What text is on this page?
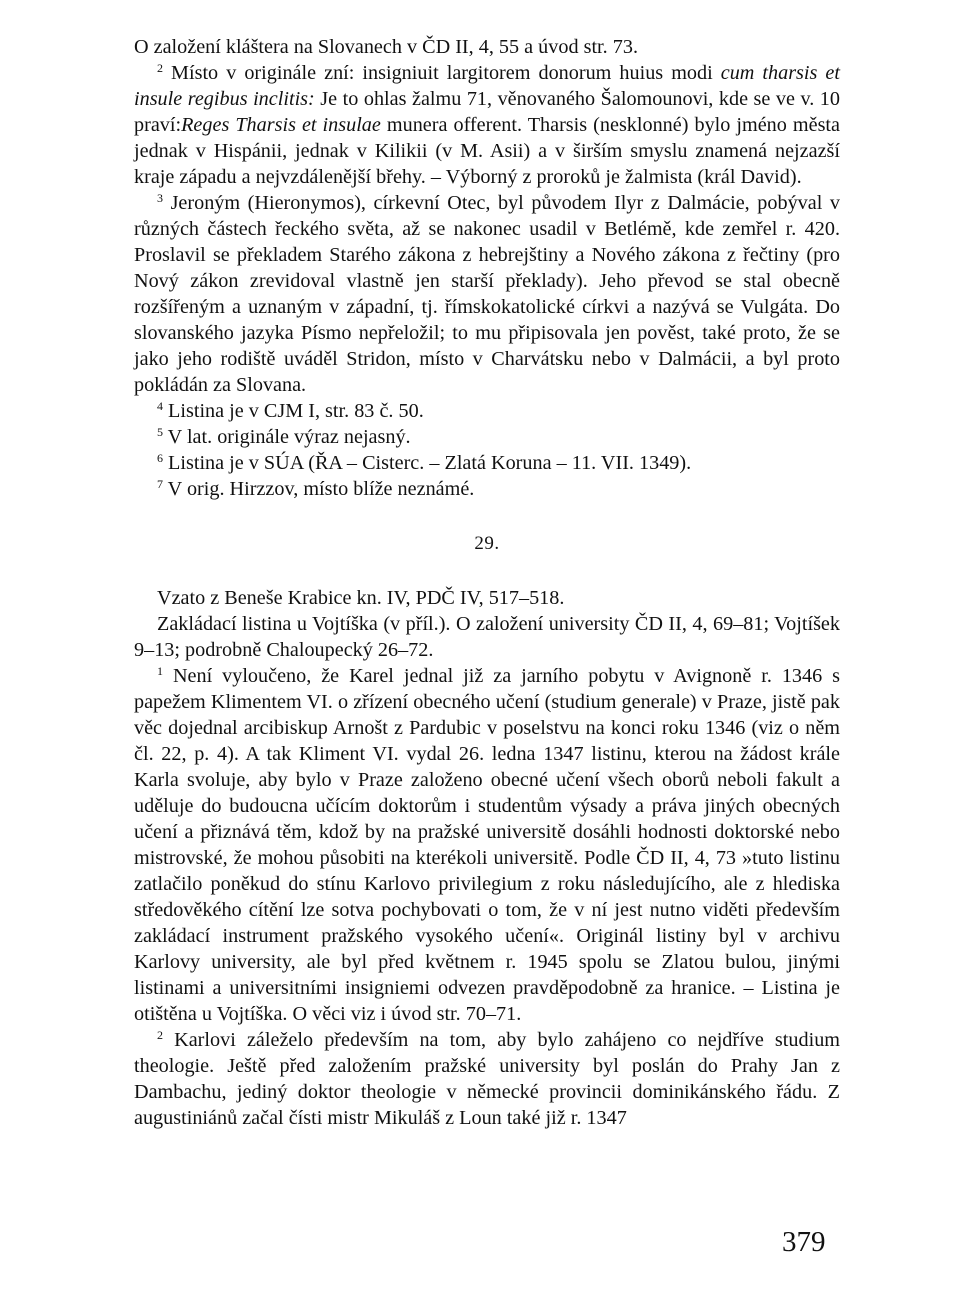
O založení kláštera na Slovanech v ČD II, 4, 55 a úvod str. 73.

$^2$ Místo v originále zní: insigniuit largitorem donorum huius modi cum tharsis et insule regibus inclitis: Je to ohlas žalmu 71, věnovaného Šalomounovi, kde se ve v. 10 praví:Reges Tharsis et insulae munera offerent. Tharsis (nesklonné) bylo jméno města jednak v Hispánii, jednak v Kilikii (v M. Asii) a v širším smyslu znamená nejzazší kraje západu a nejvzdálenější břehy. – Výborný z proroků je žalmista (král David).

$^3$ Jeroným (Hieronymos), církevní Otec, byl původem Ilyr z Dalmácie, pobýval v různých částech řeckého světa, až se nakonec usadil v Betlémě, kde zemřel r. 420. Proslavil se překladem Starého zákona z hebrejštiny a Nového zákona z řečtiny (pro Nový zákon zrevidoval vlastně jen starší překlady). Jeho převod se stal obecně rozšířeným a uznaným v západní, tj. římskokatolické církvi a nazývá se Vulgáta. Do slovanského jazyka Písmo nepřeložil; to mu připisovala jen pověst, také proto, že se jako jeho rodiště uváděl Stridon, místo v Charvátsku nebo v Dalmácii, a byl proto pokládán za Slovana.

$^4$ Listina je v CJM I, str. 83 č. 50.

$^5$ V lat. originále výraz nejasný.

$^6$ Listina je v SÚA (ŘA – Cisterc. – Zlatá Koruna – 11. VII. 1349).

$^7$ V orig. Hirzzov, místo blíže neznámé.

29.

Vzato z Beneše Krabice kn. IV, PDČ IV, 517–518.

Zakládací listina u Vojtíška (v příl.). O založení university ČD II, 4, 69–81; Vojtíšek 9–13; podrobně Chaloupecký 26–72.

$^1$ Není vyloučeno, že Karel jednal již za jarního pobytu v Avignoně r. 1346 s papežem Klimentem VI. o zřízení obecného učení (studium generale) v Praze, jistě pak věc dojednal arcibiskup Arnošt z Pardubic v poselstvu na konci roku 1346 (viz o něm čl. 22, p. 4). A tak Kliment VI. vydal 26. ledna 1347 listinu, kterou na žádost krále Karla svoluje, aby bylo v Praze založeno obecné učení všech oborů neboli fakult a uděluje do budoucna učícím doktorům i studentům výsady a práva jiných obecných učení a přiznává těm, kdož by na pražské universitě dosáhli hodnosti doktorské nebo mistrovské, že mohou působiti na kterékoli universitě. Podle ČD II, 4, 73 »tuto listinu zatlačilo poněkud do stínu Karlovo privilegium z roku následujícího, ale z hlediska středověkého cítění lze sotva pochybovati o tom, že v ní jest nutno viděti především zakládací instrument pražského vysokého učení«. Originál listiny byl v archivu Karlovy university, ale byl před květnem r. 1945 spolu se Zlatou bulou, jinými listinami a universitními insigniemi odvezen pravděpodobně za hranice. – Listina je otištěna u Vojtíška. O věci viz i úvod str. 70–71.

$^2$ Karlovi záleželo především na tom, aby bylo zahájeno co nejdříve studium theologie. Ještě před založením pražské university byl poslán do Prahy Jan z Dambachu, jediný doktor theologie v německé provincii dominikánského řádu. Z augustiniánů začal čísti mistr Mikuláš z Loun také již r. 1347

379
